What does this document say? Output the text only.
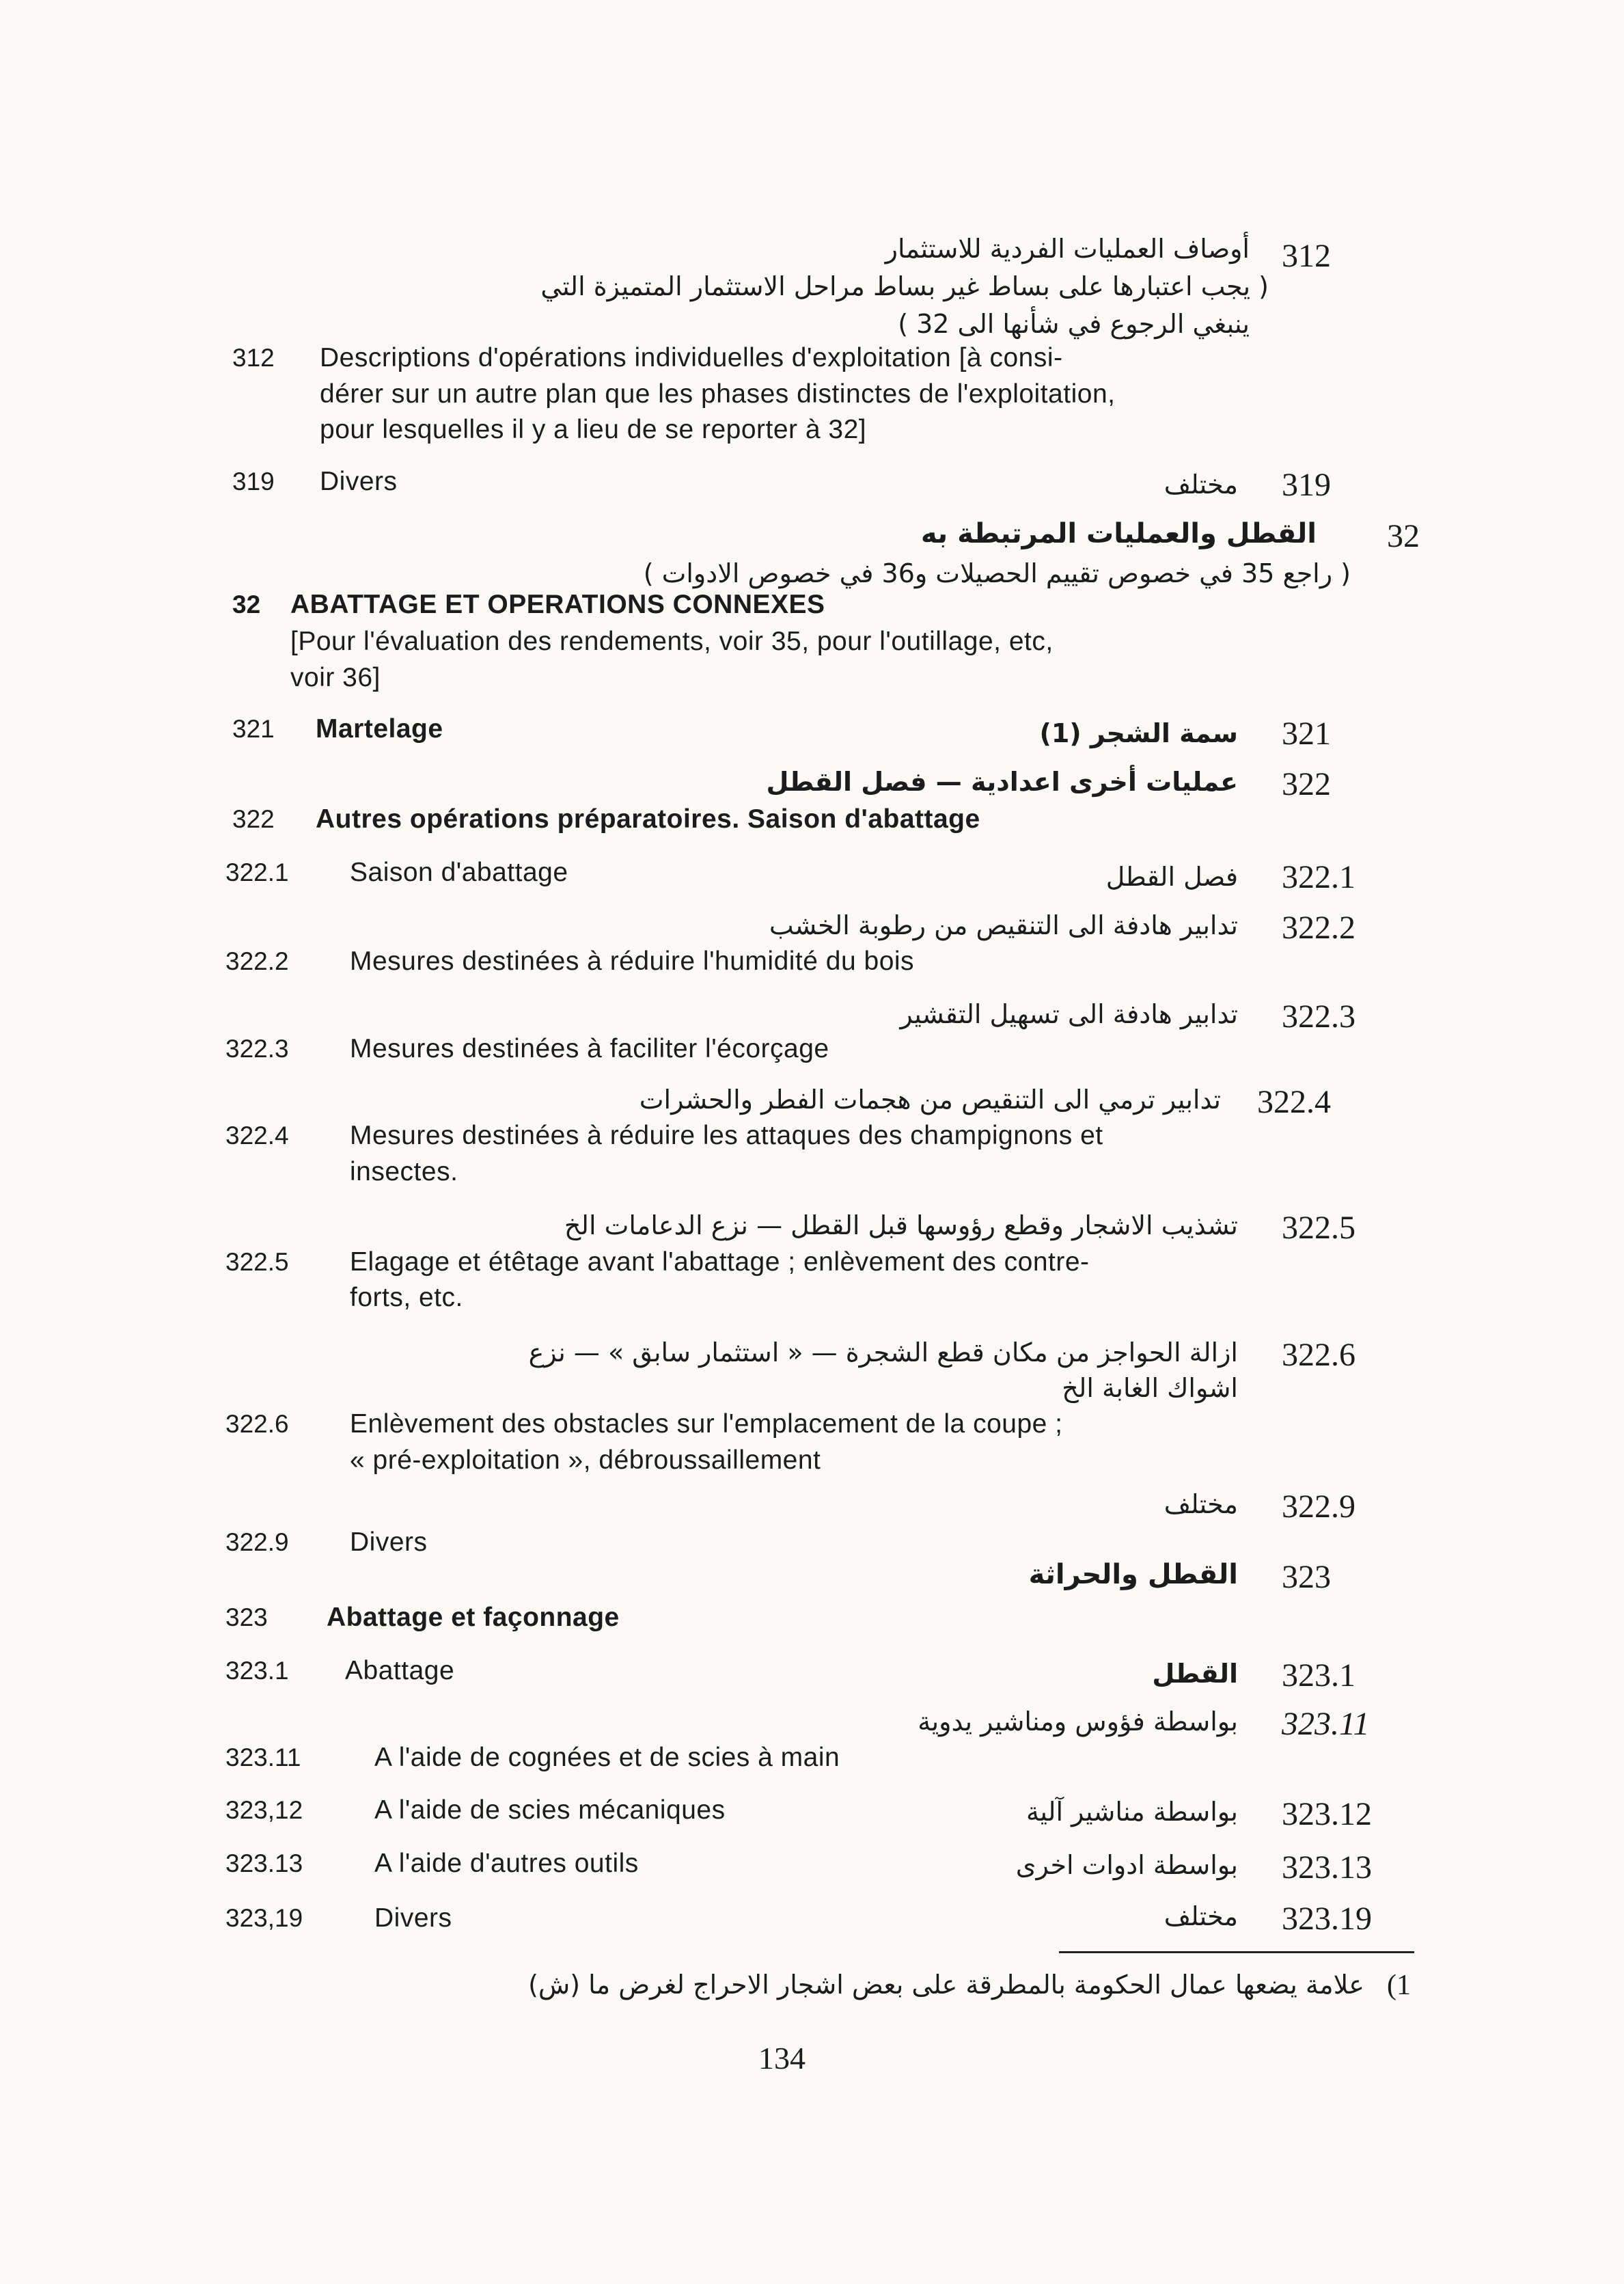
312
أوصاف العمليات الفردية للاستثمار
( يجب اعتبارها على بساط غير بساط مراحل الاستثمار المتميزة التي
ينبغي الرجوع في شأنها الى 32 )
312 Descriptions d'opérations individuelles d'exploitation [à consi-
dérer sur un autre plan que les phases distinctes de l'exploitation,
pour lesquelles il y a lieu de se reporter à 32]
319 Divers	مختلف 319
القطل والعمليات المرتبطة به 32
( راجع 35 في خصوص تقييم الحصيلات و36 في خصوص الادوات )
32 ABATTAGE ET OPERATIONS CONNEXES
[Pour l'évaluation des rendements, voir 35, pour l'outillage, etc,
voir 36]
321 Martelage	سمة الشجر (1) 321
عمليات أخرى اعدادية — فصل القطل 322
322 Autres opérations préparatoires. Saison d'abattage
322.1 Saison d'abattage	فصل القطل 322.1
تدابير هادفة الى التنقيص من رطوبة الخشب 322.2
322.2 Mesures destinées à réduire l'humidité du bois
تدابير هادفة الى تسهيل التقشير 322.3
322.3 Mesures destinées à faciliter l'écorçage
تدابير ترمي الى التنقيص من هجمات الفطر والحشرات 322.4
322.4 Mesures destinées à réduire les attaques des champignons et
insectes.
تشذيب الاشجار وقطع رؤوسها قبل القطل — نزع الدعامات الخ 322.5
322.5 Elagage et étêtage avant l'abattage ; enlèvement des contre-
forts, etc.
ازالة الحواجز من مكان قطع الشجرة — « استثمار سابق » — نزع 322.6
اشواك الغابة الخ
322.6 Enlèvement des obstacles sur l'emplacement de la coupe ;
« pré-exploitation », débroussaillement
مختلف 322.9
322.9 Divers
القطل والحراثة 323
323 Abattage et façonnage
323.1 Abattage	القطل 323.1
بواسطة فؤوس ومناشير يدوية 323.11
323.11	A l'aide de cognées et de scies à main
323,12	A l'aide de scies mécaniques	بواسطة مناشير آلية 323.12
323.13	A l'aide d'autres outils	بواسطة ادوات اخرى 323.13
323,19	Divers	مختلف 323.19
علامة يضعها عمال الحكومة بالمطرقة على بعض اشجار الاحراج لغرض ما (ش) (1
134
